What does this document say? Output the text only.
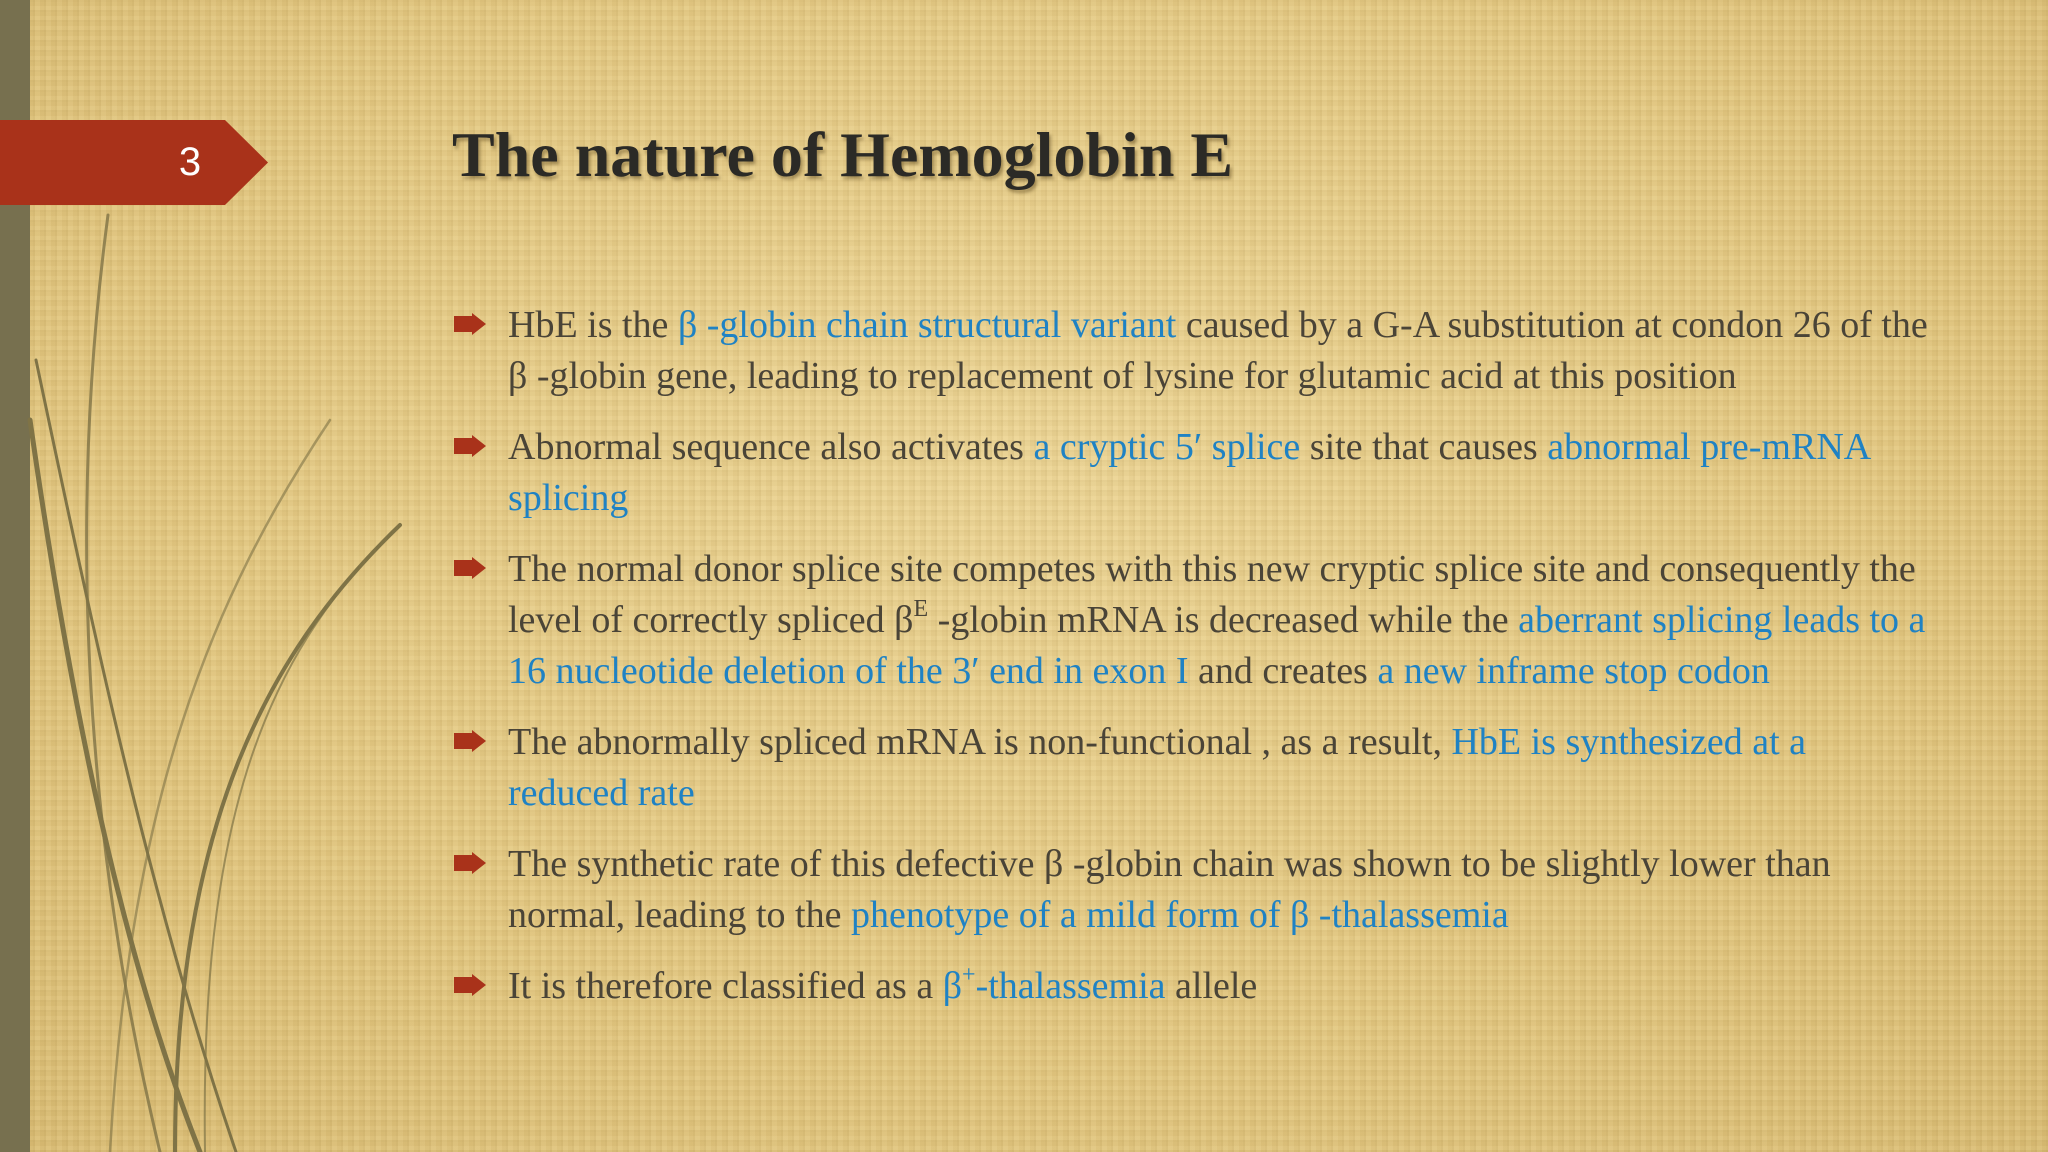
3	The nature of Hemoglobin E
HbE is the β -globin chain structural variant caused by a G-A substitution at condon 26 of the β -globin gene, leading to replacement of lysine for glutamic acid at this position
Abnormal sequence also activates a cryptic 5′ splice site that causes abnormal pre-mRNA splicing
The normal donor splice site competes with this new cryptic splice site and consequently the level of correctly spliced $\beta^E$ -globin mRNA is decreased while the aberrant splicing leads to a 16 nucleotide deletion of the 3′ end in exon I and creates a new inframe stop codon
The abnormally spliced mRNA is non-functional , as a result, HbE is synthesized at a reduced rate
The synthetic rate of this defective β -globin chain was shown to be slightly lower than normal, leading to the phenotype of a mild form of β -thalassemia
It is therefore classified as a β+-thalassemia allele
